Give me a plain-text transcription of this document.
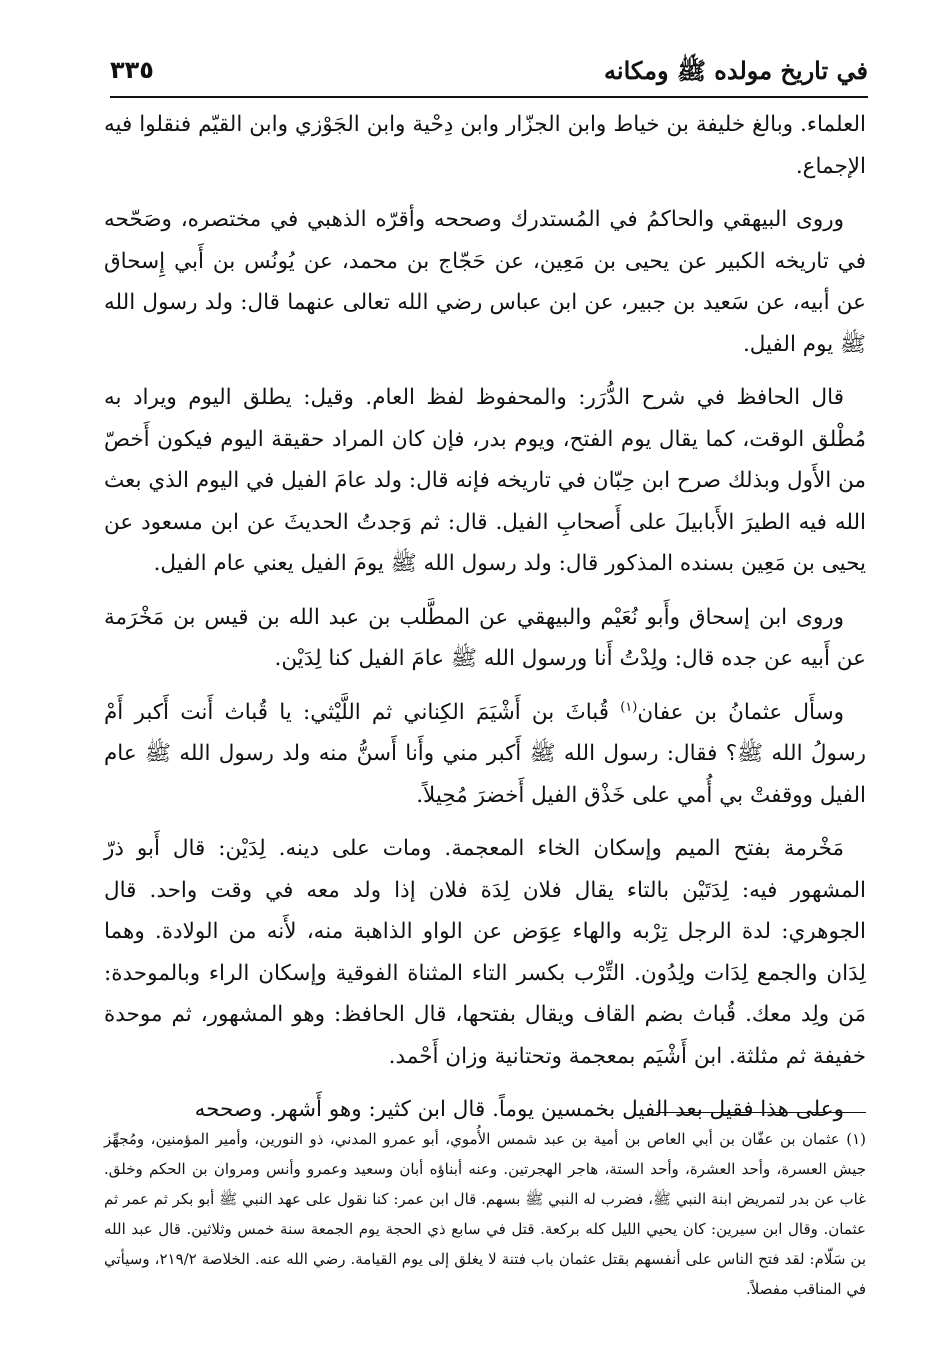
في تاريخ مولده ﷺ ومكانه
٣٣٥

العلماء. وبالغ خليفة بن خياط وابن الجزّار وابن دِحْية وابن الجَوْزي وابن القيّم فنقلوا فيه الإجماع.

وروى البيهقي والحاكمُ في المُستدرك وصححه وأقرّه الذهبي في مختصره، وصَحّحه في تاريخه الكبير عن يحيى بن مَعِين، عن حَجّاج بن محمد، عن يُونُس بن أَبي إِسحاق عن أبيه، عن سَعيد بن جبير، عن ابن عباس رضي الله تعالى عنهما قال: ولد رسول الله ﷺ يوم الفيل.

قال الحافظ في شرح الدُّرَر: والمحفوظ لفظ العام. وقيل: يطلق اليوم ويراد به مُطْلق الوقت، كما يقال يوم الفتح، ويوم بدر، فإن كان المراد حقيقة اليوم فيكون أَخصّ من الأَول وبذلك صرح ابن حِبّان في تاريخه فإنه قال: ولد عامَ الفيل في اليوم الذي بعث الله فيه الطيرَ الأَبابيلَ على أَصحابِ الفيل. قال: ثم وَجدتُ الحديثَ عن ابن مسعود عن يحيى بن مَعِين بسنده المذكور قال: ولد رسول الله ﷺ يومَ الفيل يعني عام الفيل.

وروى ابن إسحاق وأَبو نُعَيْم والبيهقي عن المطَّلب بن عبد الله بن قيس بن مَخْرَمة عن أَبيه عن جده قال: ولِدْتُ أَنا ورسول الله ﷺ عامَ الفيل كنا لِدَيْن.

وسأَل عثمانُ بن عفان$^{(١)}$ قُباثَ بن أَشْيَمَ الكِناني ثم اللَّيْثي: يا قُباث أَنت أَكبر أَمْ رسولُ الله ﷺ؟ فقال: رسول الله ﷺ أَكبر مني وأَنا أَسنُّ منه ولد رسول الله ﷺ عام الفيل ووقفتْ بي أُمي على خَذْق الفيل أَخضرَ مُحِيلاً.

مَخْرمة بفتح الميم وإسكان الخاء المعجمة. ومات على دينه. لِدَيْن: قال أَبو ذرّ المشهور فيه: لِدَتَيْن بالتاء يقال فلان لِدَة فلان إذا ولد معه في وقت واحد. قال الجوهري: لدة الرجل تِرْبه والهاء عِوَض عن الواو الذاهبة منه، لأَنه من الولادة. وهما لِدَان والجمع لِدَات ولِدُون. التِّرْب بكسر التاء المثناة الفوقية وإسكان الراء وبالموحدة: مَن ولِد معك. قُباث بضم القاف ويقال بفتحها، قال الحافظ: وهو المشهور، ثم موحدة خفيفة ثم مثلثة. ابن أَشْيَم بمعجمة وتحتانية وزان أَحْمد.

وعلى هذا فقيل بعد الفيل بخمسين يوماً. قال ابن كثير: وهو أَشهر. وصححه

(١) عثمان بن عفّان بن أبي العاص بن أمية بن عبد شمس الأُموي، أبو عمرو المدني، ذو النورين، وأمير المؤمنين، ومُجهِّز جيش العسرة، وأحد العشرة، وأحد الستة، هاجر الهجرتين. وعنه أبناؤه أبان وسعيد وعمرو وأنس ومروان بن الحكم وخلق. غاب عن بدر لتمريض ابنة النبي ﷺ، فضرب له النبي ﷺ بسهم. قال ابن عمر: كنا نقول على عهد النبي ﷺ أبو بكر ثم عمر ثم عثمان. وقال ابن سيرين: كان يحيي الليل كله بركعة. قتل في سابع ذي الحجة يوم الجمعة سنة خمس وثلاثين. قال عبد الله بن سَلّام: لقد فتح الناس على أنفسهم بقتل عثمان باب فتنة لا يغلق إلى يوم القيامة. رضي الله عنه. الخلاصة ٢١٩/٢، وسيأتي في المناقب مفصلاً.
